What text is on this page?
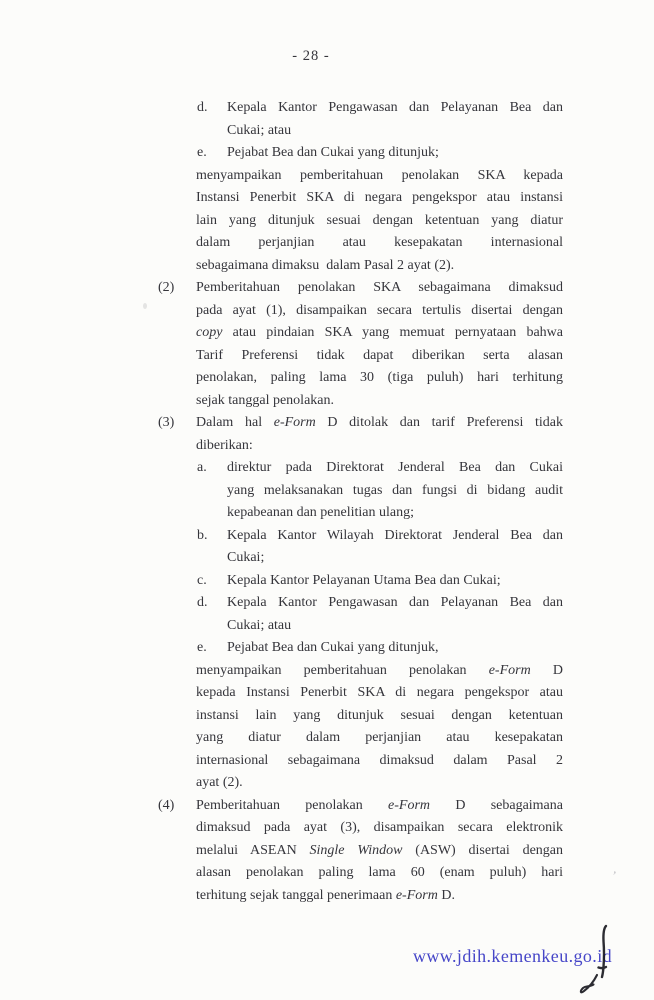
- 28 -
d.	Kepala Kantor Pengawasan dan Pelayanan Bea dan
Cukai; atau
e.	Pejabat Bea dan Cukai yang ditunjuk;
menyampaikan pemberitahuan penolakan SKA kepada
Instansi Penerbit SKA di negara pengekspor atau instansi
lain yang ditunjuk sesuai dengan ketentuan yang diatur
dalam perjanjian atau kesepakatan internasional
sebagaimana dimaksu  dalam Pasal 2 ayat (2).
(2)	Pemberitahuan penolakan SKA sebagaimana dimaksud
pada ayat (1), disampaikan secara tertulis disertai dengan
copy atau pindaian SKA yang memuat pernyataan bahwa
Tarif Preferensi tidak dapat diberikan serta alasan
penolakan, paling lama 30 (tiga puluh) hari terhitung
sejak tanggal penolakan.
(3)	Dalam hal e-Form D ditolak dan tarif Preferensi tidak
diberikan:
a.	direktur pada Direktorat Jenderal Bea dan Cukai
yang melaksanakan tugas dan fungsi di bidang audit
kepabeanan dan penelitian ulang;
b.	Kepala Kantor Wilayah Direktorat Jenderal Bea dan
Cukai;
c.	Kepala Kantor Pelayanan Utama Bea dan Cukai;
d.	Kepala Kantor Pengawasan dan Pelayanan Bea dan
Cukai; atau
e.	Pejabat Bea dan Cukai yang ditunjuk,
menyampaikan pemberitahuan penolakan e-Form D
kepada Instansi Penerbit SKA di negara pengekspor atau
instansi lain yang ditunjuk sesuai dengan ketentuan
yang diatur dalam perjanjian atau kesepakatan
internasional sebagaimana dimaksud dalam Pasal 2
ayat (2).
(4)	Pemberitahuan penolakan e-Form D sebagaimana
dimaksud pada ayat (3), disampaikan secara elektronik
melalui ASEAN Single Window (ASW) disertai dengan
alasan penolakan paling lama 60 (enam puluh) hari
terhitung sejak tanggal penerimaan e-Form D.
’
www.jdih.kemenkeu.go.id
